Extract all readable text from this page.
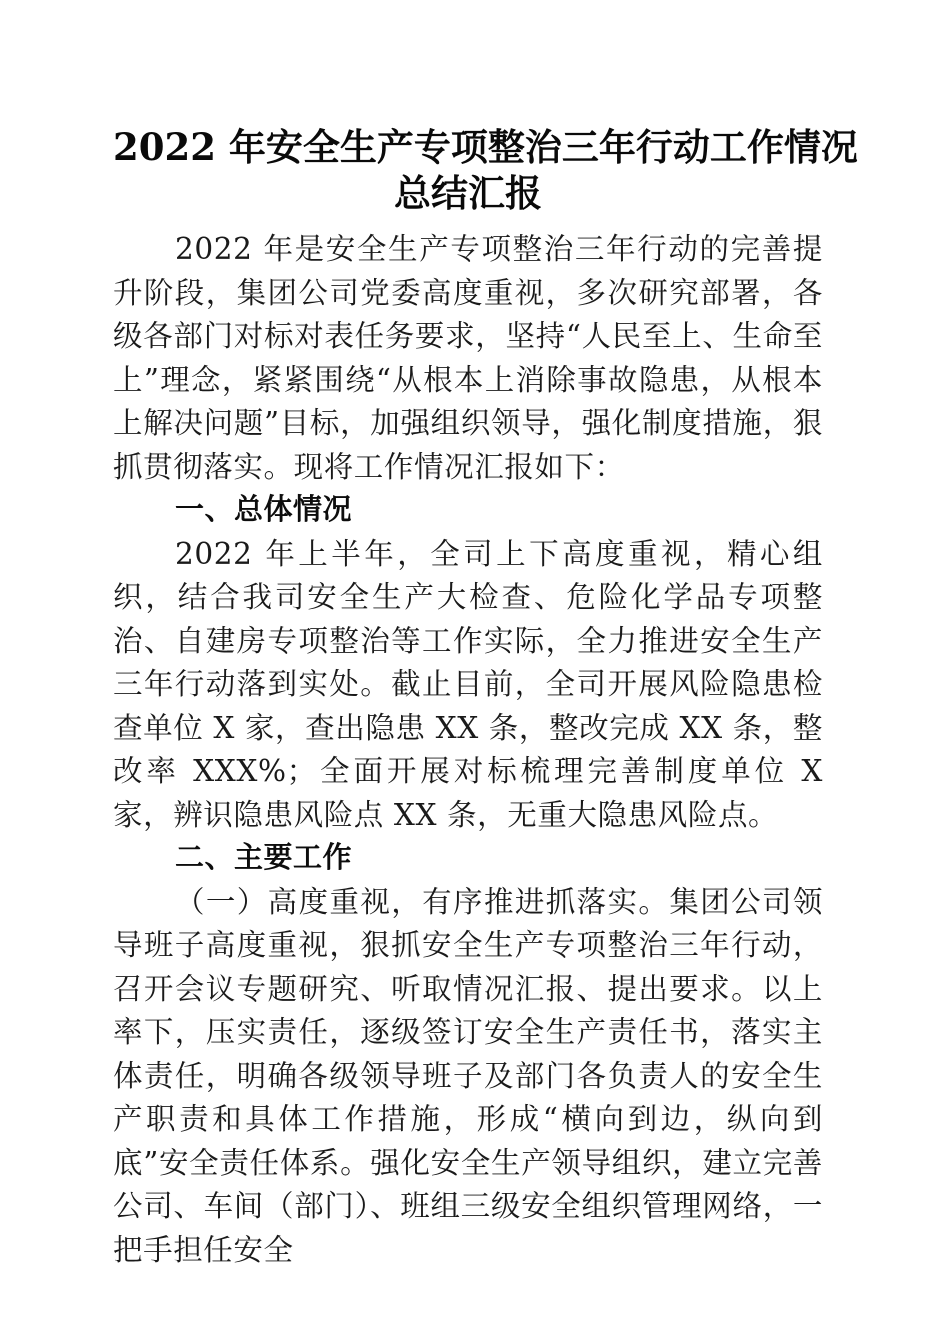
2022 年安全生产专项整治三年行动工作情况
总结汇报

2022 年是安全生产专项整治三年行动的完善提升阶段，集团公司党委高度重视，多次研究部署，各级各部门对标对表任务要求，坚持“人民至上、生命至上”理念，紧紧围绕“从根本上消除事故隐患，从根本上解决问题”目标，加强组织领导，强化制度措施，狠抓贯彻落实。现将工作情况汇报如下：

一、总体情况

2022 年上半年，全司上下高度重视，精心组织，结合我司安全生产大检查、危险化学品专项整治、自建房专项整治等工作实际，全力推进安全生产三年行动落到实处。截止目前，全司开展风险隐患检查单位 X 家，查出隐患 XX 条，整改完成 XX 条，整改率 XXX%；全面开展对标梳理完善制度单位 X 家，辨识隐患风险点 XX 条，无重大隐患风险点。

二、主要工作

（一）高度重视，有序推进抓落实。集团公司领导班子高度重视，狠抓安全生产专项整治三年行动，召开会议专题研究、听取情况汇报、提出要求。以上率下，压实责任，逐级签订安全生产责任书，落实主体责任，明确各级领导班子及部门各负责人的安全生产职责和具体工作措施，形成“横向到边，纵向到底”安全责任体系。强化安全生产领导组织，建立完善公司、车间（部门）、班组三级安全组织管理网络，一把手担任安全
